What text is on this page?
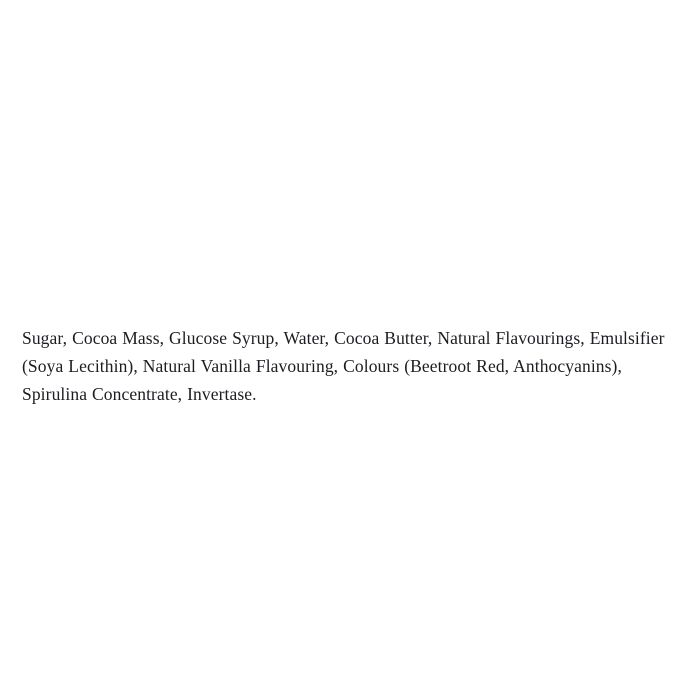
Sugar, Cocoa Mass, Glucose Syrup, Water, Cocoa Butter, Natural Flavourings, Emulsifier (Soya Lecithin), Natural Vanilla Flavouring, Colours (Beetroot Red, Anthocyanins), Spirulina Concentrate, Invertase.
